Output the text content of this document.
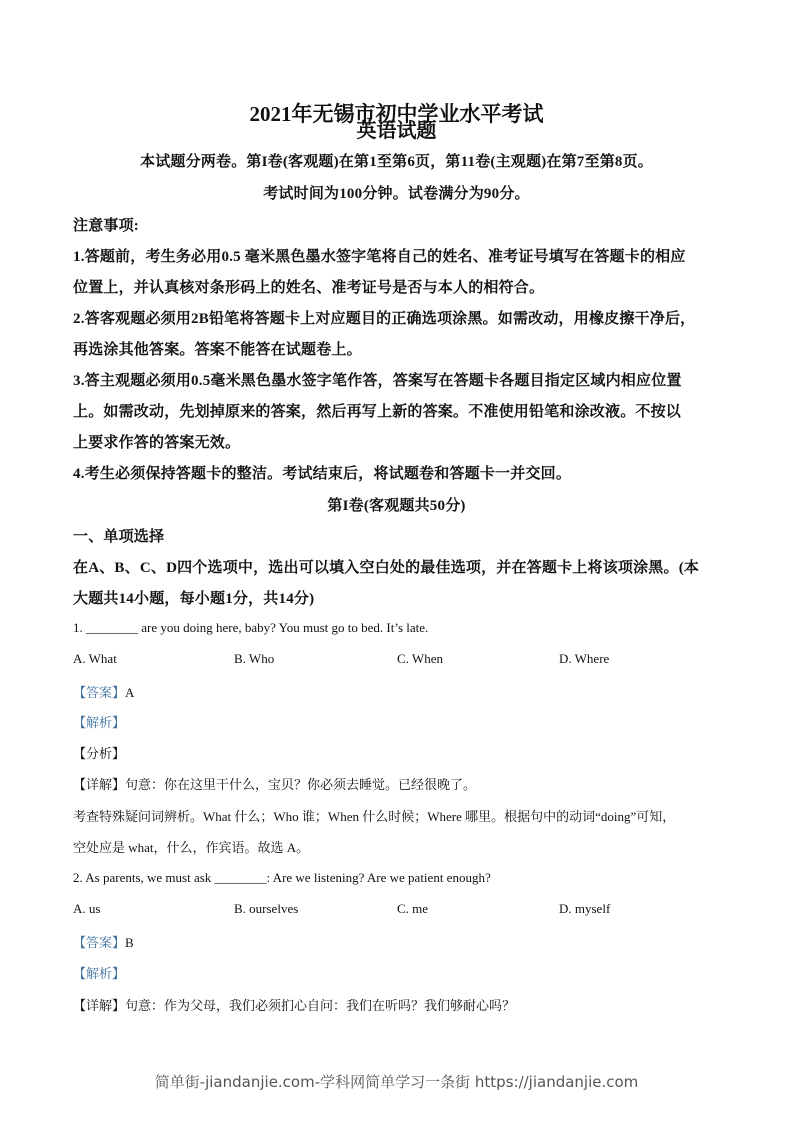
2021年无锡市初中学业水平考试
英语试题
本试题分两卷。第I卷(客观题)在第1至第6页，第11卷(主观题)在第7至第8页。
考试时间为100分钟。试卷满分为90分。
注意事项:
1.答题前，考生务必用0.5 毫米黑色墨水签字笔将自己的姓名、准考证号填写在答题卡的相应
位置上，并认真核对条形码上的姓名、准考证号是否与本人的相符合。
2.答客观题必须用2B铅笔将答题卡上对应题目的正确选项涂黑。如需改动，用橡皮擦干净后，
再选涂其他答案。答案不能答在试题卷上。
3.答主观题必须用0.5毫米黑色墨水签字笔作答，答案写在答题卡各题目指定区域内相应位置
上。如需改动，先划掉原来的答案，然后再写上新的答案。不准使用铅笔和涂改液。不按以
上要求作答的答案无效。
4.考生必须保持答题卡的整洁。考试结束后，将试题卷和答题卡一并交回。
第I卷(客观题共50分)
一、单项选择
在A、B、C、D四个选项中，选出可以填入空白处的最佳选项，并在答题卡上将该项涂黑。(本
大题共14小题，每小题1分，共14分)
1. ________ are you doing here, baby? You must go to bed. It’s late.
A. What	B. Who	C. When	D. Where
【答案】A
【解析】
【分析】
【详解】句意：你在这里干什么，宝贝？你必须去睡觉。已经很晚了。
考查特殊疑问词辨析。What 什么；Who 谁；When 什么时候；Where 哪里。根据句中的动词“doing”可知，
空处应是 what，什么，作宾语。故选 A。
2. As parents, we must ask ________: Are we listening? Are we patient enough?
A. us	B. ourselves	C. me	D. myself
【答案】B
【解析】
【详解】句意：作为父母，我们必须扪心自问：我们在听吗？我们够耐心吗？
简单街-jiandanjie.com-学科网简单学习一条街 https://jiandanjie.com
